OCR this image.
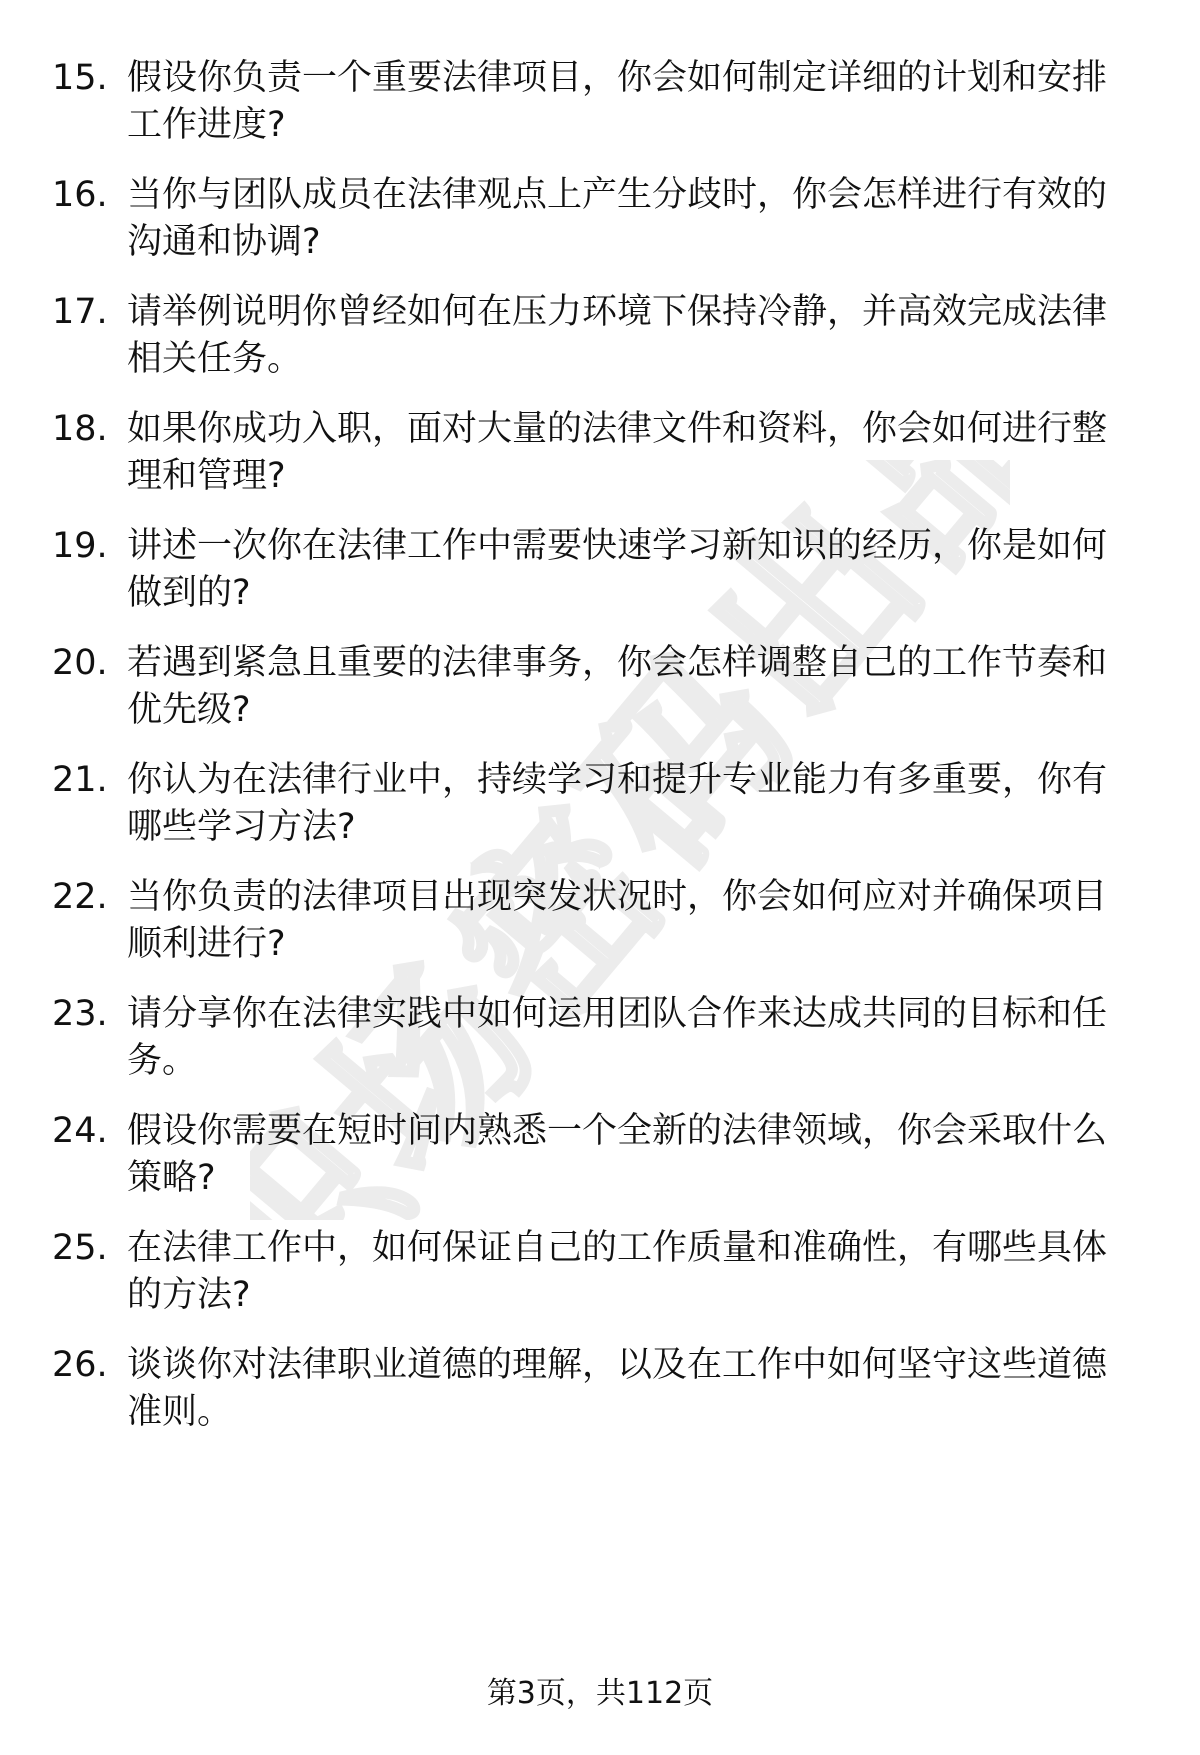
职场密码出品
15. 假设你负责一个重要法律项目，你会如何制定详细的计划和安排工作进度?
16. 当你与团队成员在法律观点上产生分歧时，你会怎样进行有效的沟通和协调?
17. 请举例说明你曾经如何在压力环境下保持冷静，并高效完成法律相关任务。
18. 如果你成功入职，面对大量的法律文件和资料，你会如何进行整理和管理?
19. 讲述一次你在法律工作中需要快速学习新知识的经历，你是如何做到的?
20. 若遇到紧急且重要的法律事务，你会怎样调整自己的工作节奏和优先级?
21. 你认为在法律行业中，持续学习和提升专业能力有多重要，你有哪些学习方法?
22. 当你负责的法律项目出现突发状况时，你会如何应对并确保项目顺利进行?
23. 请分享你在法律实践中如何运用团队合作来达成共同的目标和任务。
24. 假设你需要在短时间内熟悉一个全新的法律领域，你会采取什么策略?
25. 在法律工作中，如何保证自己的工作质量和准确性，有哪些具体的方法?
26. 谈谈你对法律职业道德的理解，以及在工作中如何坚守这些道德准则。
第3页，共112页
